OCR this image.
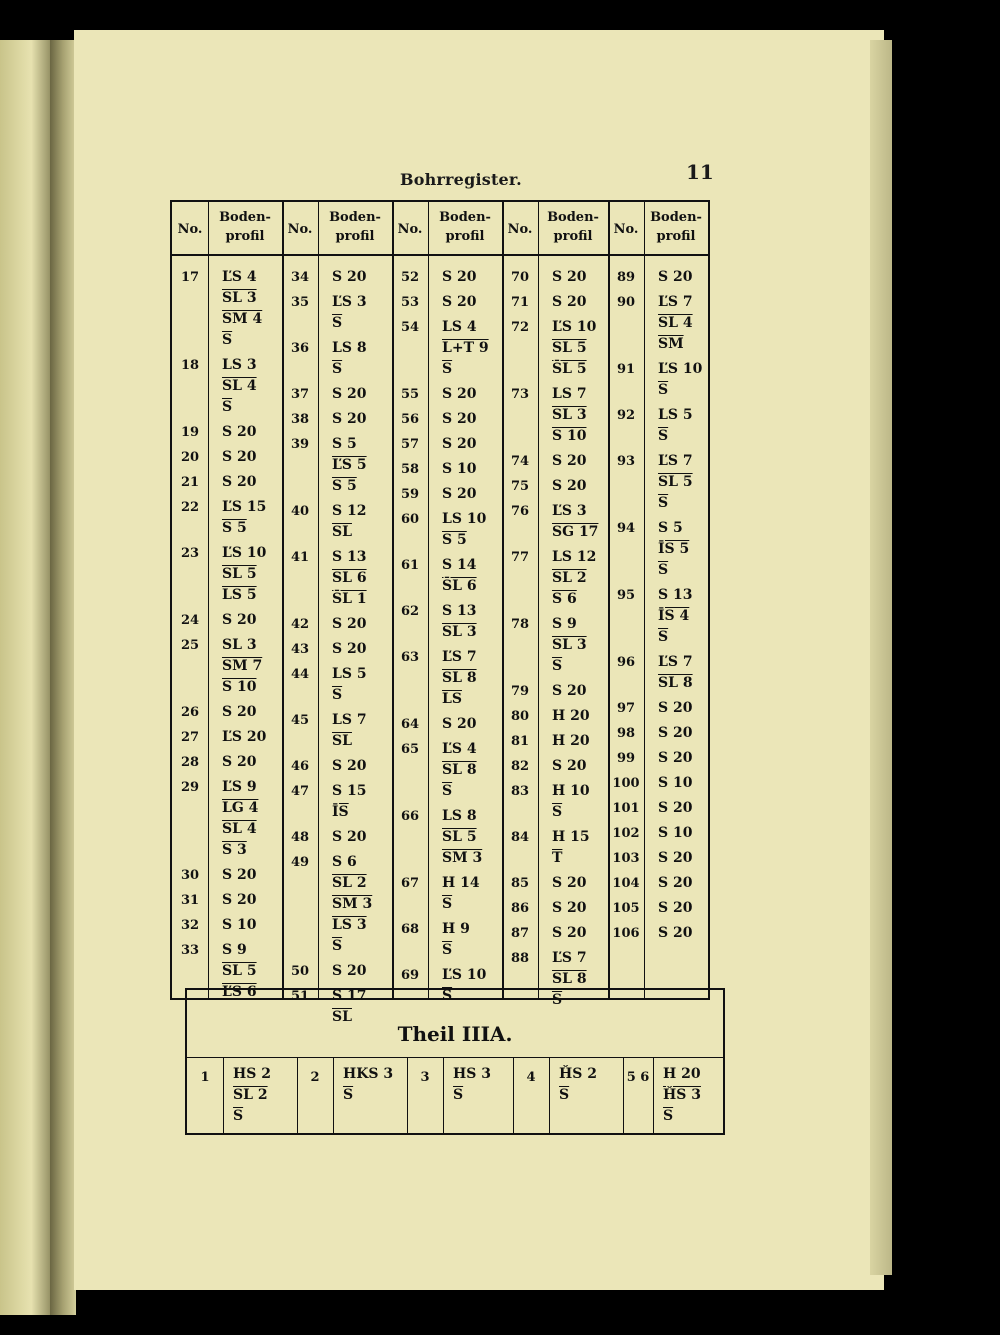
Bohrregister.	11
No.
Boden-
profil	No.
Boden-
profil	No.
Boden-
profil	No.
Boden-
profil	No.
Boden-
profil
17	ĽS 4
SL 3
SM 4
$\overline{S}$
18	LS 3
SL 4
$\overline{S}$
19	S 20
20	S 20
21	S 20
22	ĽS 15
S 5
23	ĽS 10
SL 5
LS 5
24	S 20
25	SL 3
SM 7
S 10
26	S 20
27	ĽS 20
28	S 20
29	ĽS 9
LG 4
SL 4
S 3
30	S 20
31	S 20
32	S 10
33	S 9
SL 5
ĽS 6
34	S 20
35	ĽS 3
$\overline{S}$
36	LS 8
$\overline{S}$
37	S 20
38	S 20
39	S 5
ĽS 5
S 5
40	S 12
$\overline{SL}$
41	S 13
SL 6
S̄L 1
42	S 20
43	S 20
44	LS 5
$\overline{S}$
45	LS 7
$\overline{SL}$
46	S 20
47	S 15
$\overline{ĪS}$
48	S 20
49	S 6
SL 2
SM 3
LS 3
$\overline{S}$
50	S 20
51	S 17
$\overline{SL}$
52	S 20
53	S 20
54	LS 4
L+T 9
$\overline{S}$
55	S 20
56	S 20
57	S 20
58	S 10
59	S 20
60	LS 10
S 5
61	S 14
S̄L 6
62	S 13
SL 3
63	ĽS 7
SL 8
$\overline{LS}$
64	S 20
65	ĽS 4
SL 8
$\overline{S}$
66	LS 8
SL 5
SM 3
67	H 14
$\overline{S}$
68	H 9
$\overline{S}$
69	ĽS 10
$\overline{S}$
70	S 20
71	S 20
72	ĽS 10
SL 5
S̄L 5
73	LS 7
SL 3
S 10
74	S 20
75	S 20
76	ĽS 3
SG 17
77	LS 12
SL 2
S 6
78	S 9
SL 3
$\overline{S}$
79	S 20
80	H 20
81	H 20
82	S 20
83	H 10
$\overline{S}$
84	H 15
$\overline{T}$
85	S 20
86	S 20
87	S 20
88	ĽS 7
SL 8
$\overline{S}$
89	S 20
90	ĽS 7
SL 4
$\overline{SM}$
91	ĽS 10
$\overline{S}$
92	LS 5
$\overline{S}$
93	ĽS 7
SL 5
$\overline{S}$
94	S 5
ĪS 5
$\overline{S}$
95	S 13
ĪS 4
$\overline{S}$
96	ĽS 7
SL 8
97	S 20
98	S 20
99	S 20
100	S 10
101	S 20
102	S 10
103	S 20
104	S 20
105	S 20
106	S 20
Theil IIIA.
1	HS 2
SL 2
$\overline{S}$
2	HKS 3
$\overline{S}$
3	HS 3
$\overline{S}$
4	ȞS 2
$\overline{S}$
5 6 H 20
ȞS 3
$\overline{S}$
